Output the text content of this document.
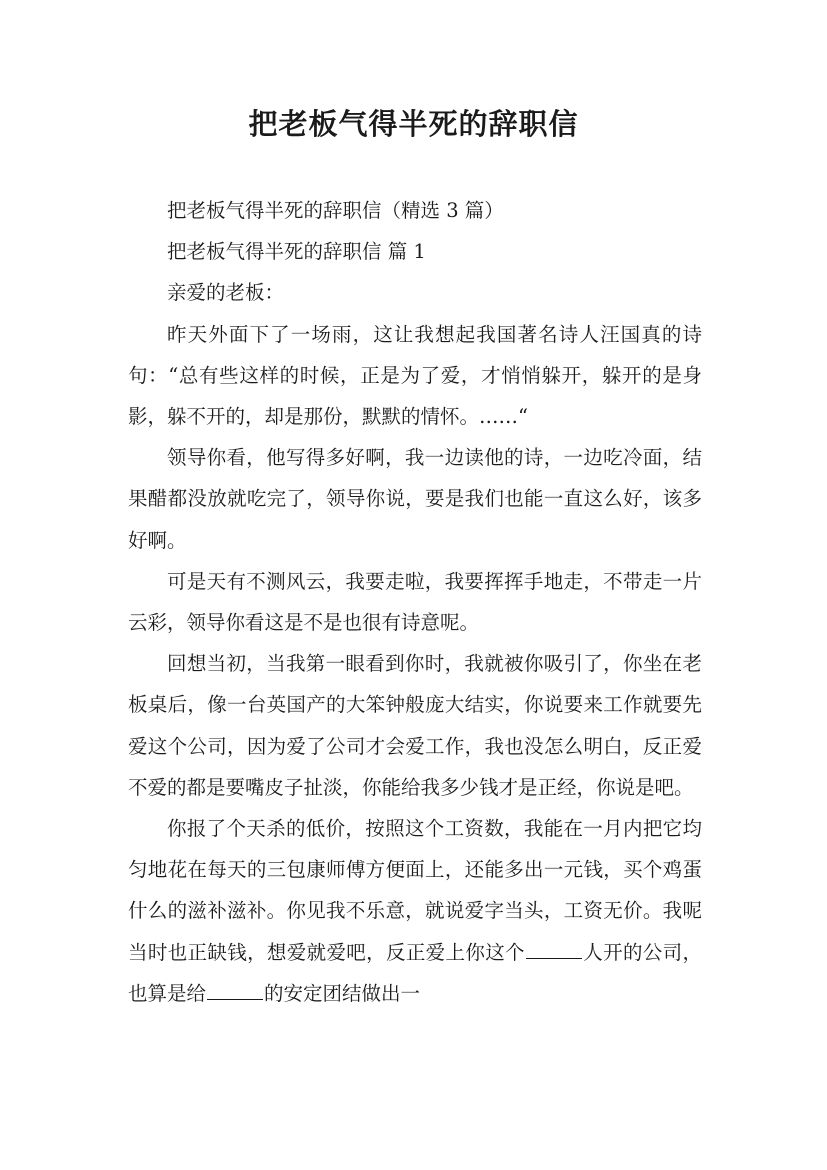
把老板气得半死的辞职信

把老板气得半死的辞职信（精选 3 篇）

把老板气得半死的辞职信 篇 1

亲爱的老板：

昨天外面下了一场雨，这让我想起我国著名诗人汪国真的诗句：“总有些这样的时候，正是为了爱，才悄悄躲开，躲开的是身影，躲不开的，却是那份，默默的情怀。……“

领导你看，他写得多好啊，我一边读他的诗，一边吃冷面，结果醋都没放就吃完了，领导你说，要是我们也能一直这么好，该多好啊。

可是天有不测风云，我要走啦，我要挥挥手地走，不带走一片云彩，领导你看这是不是也很有诗意呢。

回想当初，当我第一眼看到你时，我就被你吸引了，你坐在老板桌后，像一台英国产的大笨钟般庞大结实，你说要来工作就要先爱这个公司，因为爱了公司才会爱工作，我也没怎么明白，反正爱不爱的都是要嘴皮子扯淡，你能给我多少钱才是正经，你说是吧。

你报了个天杀的低价，按照这个工资数，我能在一月内把它均匀地花在每天的三包康师傅方便面上，还能多出一元钱，买个鸡蛋什么的滋补滋补。你见我不乐意，就说爱字当头，工资无价。我呢当时也正缺钱，想爱就爱吧，反正爱上你这个	人开的公司，也算是给	的安定团结做出一
